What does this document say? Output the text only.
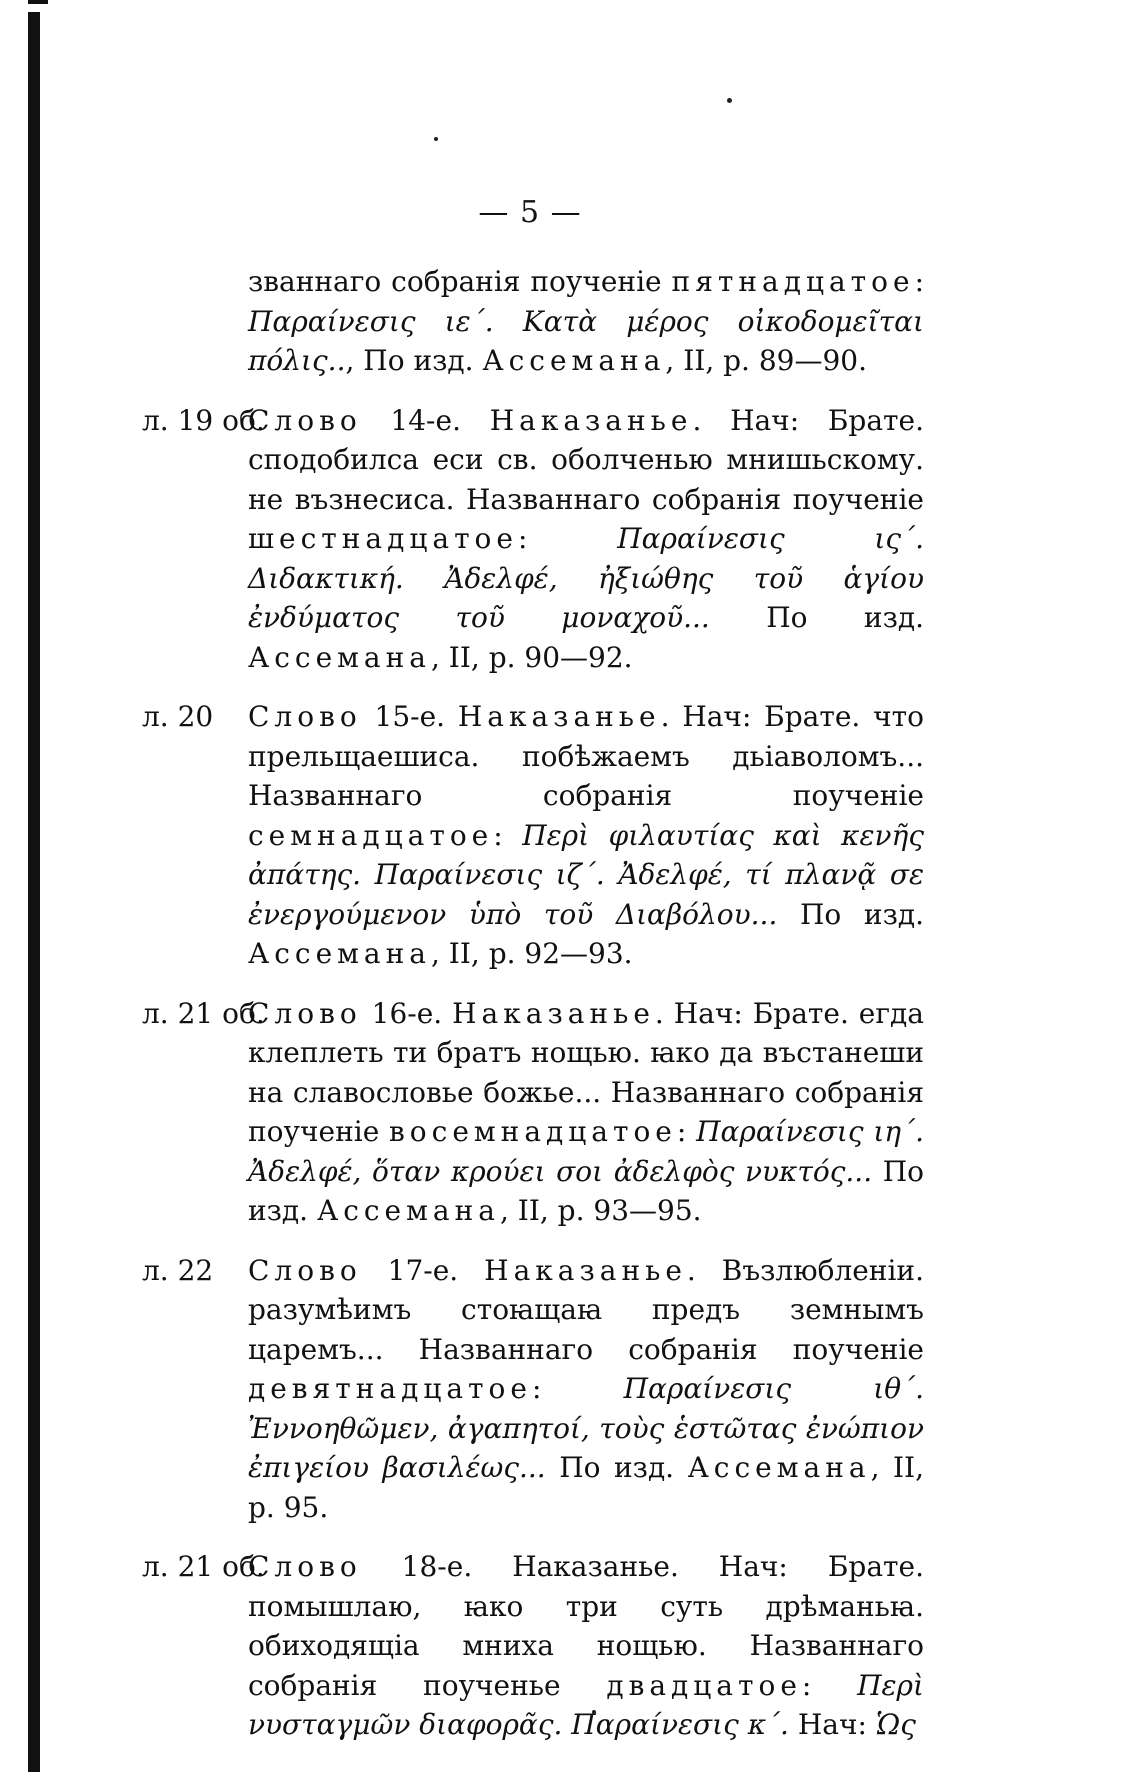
— 5 —
званнаго собранія поученіе пятнадцатое: Παραίνεσις ιε΄. Κατὰ μέρος οἰκοδομεῖται πόλις.., По изд. Ассемана, II, р. 89—90.
л. 19 об.
Слово 14-е. Наказанье. Нач: Брате. сподобилса еси св. оболченью мнишьскому. не възнесиса. Названнаго собранія поученіе шестнадцатое: Παραίνεσις ις΄. Διδακτική. Ἀδελφέ, ἠξιώθης τοῦ ἁγίου ἐνδύματος τοῦ μοναχοῦ... По изд. Ассемана, II, р. 90—92.
л. 20	Слово 15-е. Наказанье. Нач: Брате. что прельщаешиса. побѣжаемъ дьіаволомъ... Названнаго собранія поученіе семнадцатое: Περὶ φιλαυτίας καὶ κενῆς ἀπάτης. Παραίνεσις ιζ΄. Ἀδελφέ, τί πλανᾷ σε ἐνεργούμενον ὑπὸ τοῦ Διαβόλου... По изд. Ассемана, II, р. 92—93.
л. 21 об.
Слово 16-е. Наказанье. Нач: Брате. егда клеплеть ти братъ нощью. ꙗко да въстанеши на славословье божье... Названнаго собранія поученіе восемнадцатое: Παραίνεσις ιη΄. Ἀδελφέ, ὅταν κρούει σοι ἀδελφὸς νυκτός... По изд. Ассемана, II, р. 93—95.
л. 22	Слово 17-е. Наказанье. Възлюбленіи. разумѣимъ стоꙗщаꙗ предъ земнымъ царемъ... Названнаго собранія поученіе девятнадцатое: Παραίνεσις ιθ΄. Ἐννοηθῶμεν, ἀγαπητοί, τοὺς ἑστῶτας ἐνώπιον ἐπιγείου βασιλέως... По изд. Ассемана, II, р. 95.
л. 21 об.
Слово 18-е. Наказанье. Нач: Брате. помышлаю, ꙗко три суть дрѣманьꙗ. обиходящіа мниха нощью. Названнаго собранія поученье двадцатое: Περὶ νυσταγμῶν διαφορᾶς. Παραίνεσις κ΄. Нач: Ὡς
